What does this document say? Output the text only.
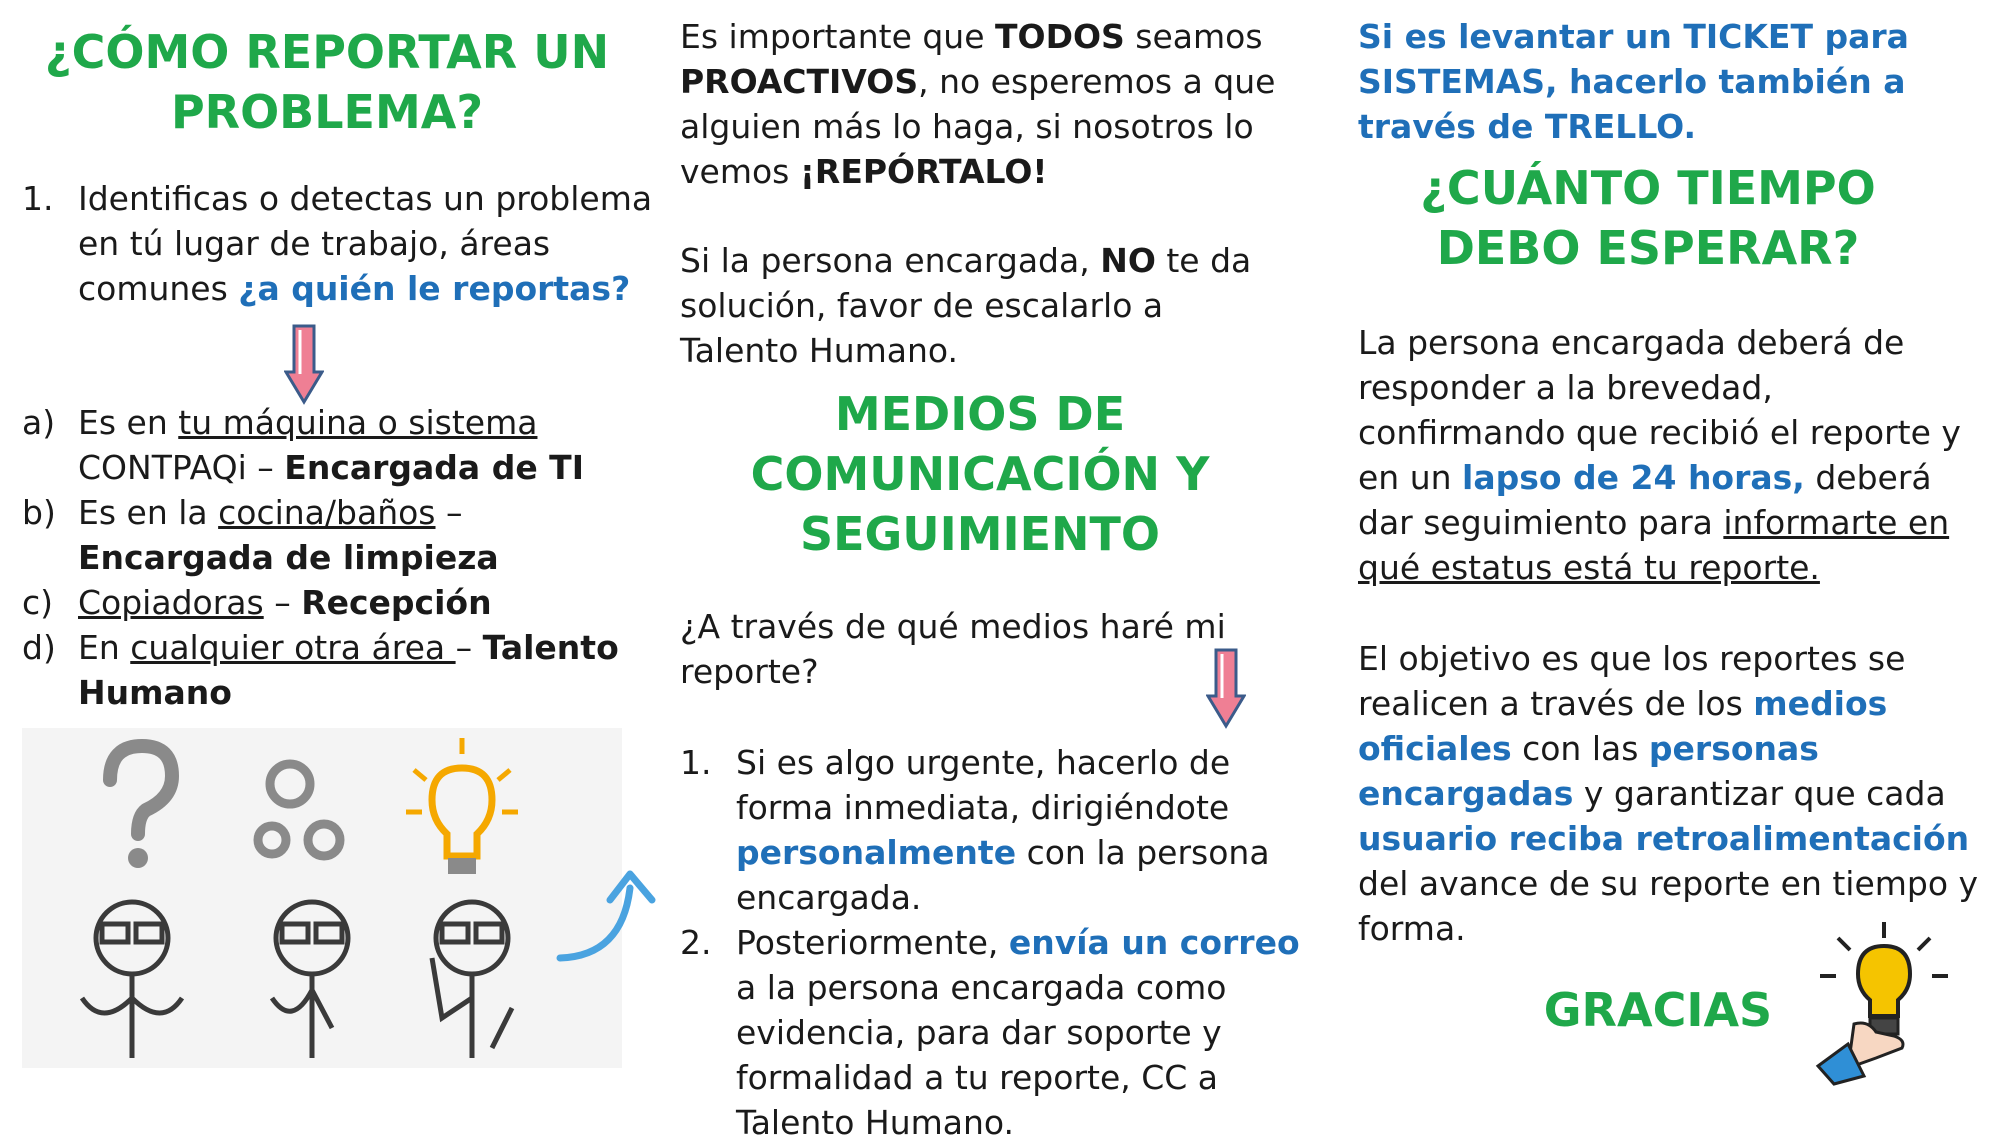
¿CÓMO REPORTAR UN PROBLEMA?
1. Identificas o detectas un problema en tú lugar de trabajo, áreas comunes ¿a quién le reportas?
a) Es en tu máquina o sistema CONTPAQi – Encargada de TI
b) Es en la cocina/baños – Encargada de limpieza
c) Copiadoras – Recepción
d) En cualquier otra área – Talento Humano

Es importante que TODOS seamos PROACTIVOS, no esperemos a que alguien más lo haga, si nosotros lo vemos ¡REPÓRTALO!

Si la persona encargada, NO te da solución, favor de escalarlo a Talento Humano.

MEDIOS DE COMUNICACIÓN Y SEGUIMIENTO

¿A través de qué medios haré mi reporte?

1. Si es algo urgente, hacerlo de forma inmediata, dirigiéndote personalmente con la persona encargada.
2. Posteriormente, envía un correo a la persona encargada como evidencia, para dar soporte y formalidad a tu reporte, CC a Talento Humano.

Si es levantar un TICKET para SISTEMAS, hacerlo también a través de TRELLO.

¿CUÁNTO TIEMPO DEBO ESPERAR?

La persona encargada deberá de responder a la brevedad, confirmando que recibió el reporte y en un lapso de 24 horas, deberá dar seguimiento para informarte en qué estatus está tu reporte.

El objetivo es que los reportes se realicen a través de los medios oficiales con las personas encargadas y garantizar que cada usuario reciba retroalimentación del avance de su reporte en tiempo y forma.

GRACIAS
